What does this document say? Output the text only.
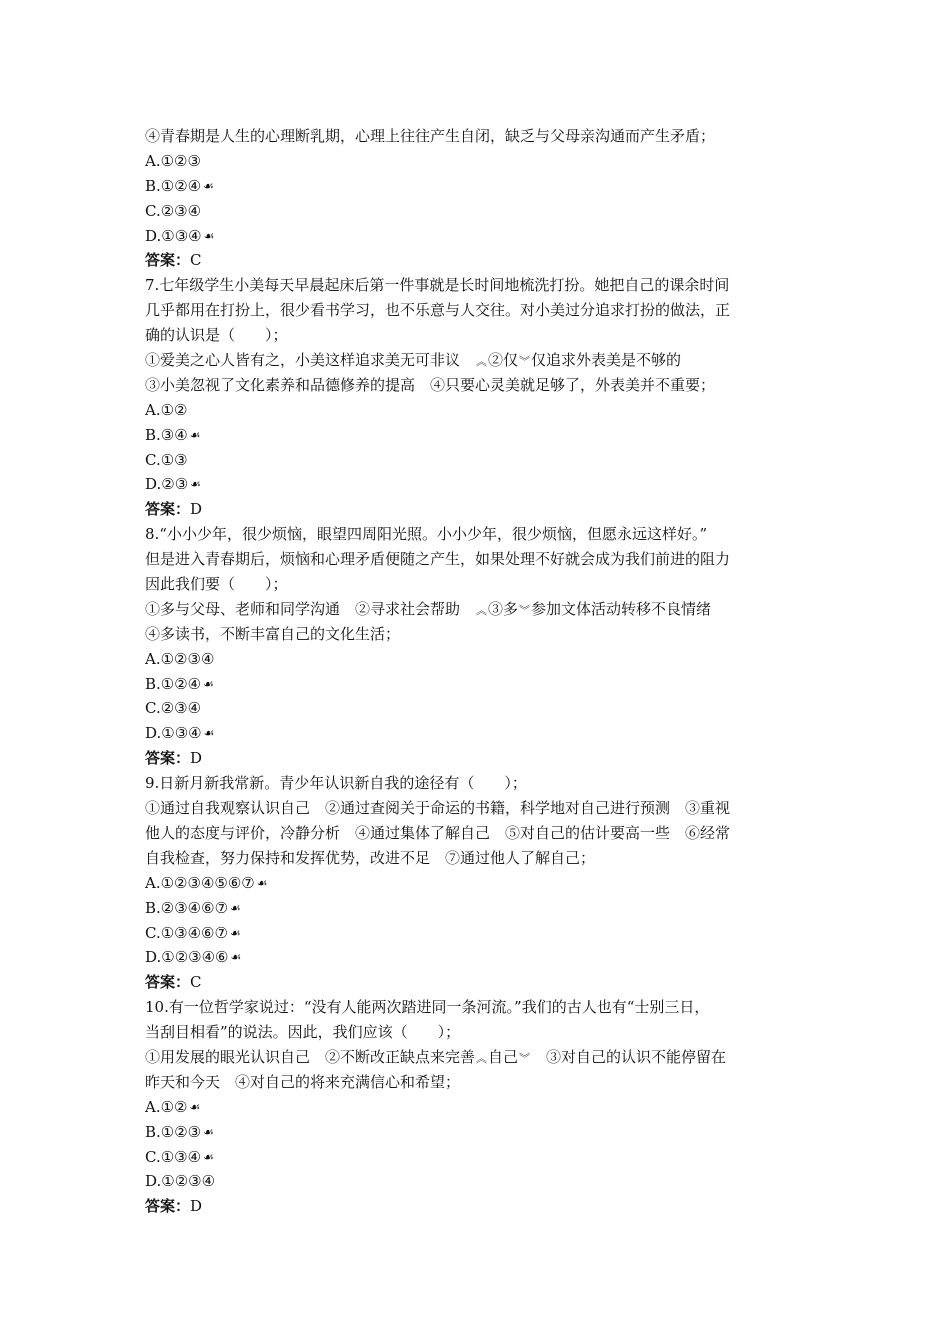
④青春期是人生的心理断乳期，心理上往往产生自闭，缺乏与父母亲沟通而产生矛盾；
A.①②③
B.①②④ ☙
C.②③④
D.①③④ ☙
答案：C
7.七年级学生小美每天早晨起床后第一件事就是长时间地梳洗打扮。她把自己的课余时间
几乎都用在打扮上，很少看书学习，也不乐意与人交往。对小美过分追求打扮的做法，正
确的认识是（　　）；
①爱美之心人皆有之，小美这样追求美无可非议　︽②仅︾仅追求外表美是不够的
③小美忽视了文化素养和品德修养的提高　④只要心灵美就足够了，外表美并不重要；
A.①②
B.③④ ☙
C.①③
D.②③ ☙
答案：D
8.“小小少年，很少烦恼，眼望四周阳光照。小小少年，很少烦恼，但愿永远这样好。”
但是进入青春期后，烦恼和心理矛盾便随之产生，如果处理不好就会成为我们前进的阻力
因此我们要（　　）；
①多与父母、老师和同学沟通　②寻求社会帮助　︽③多︾参加文体活动转移不良情绪
④多读书，不断丰富自己的文化生活；
A.①②③④
B.①②④ ☙
C.②③④
D.①③④ ☙
答案：D
9.日新月新我常新。青少年认识新自我的途径有（　　）；
①通过自我观察认识自己　②通过查阅关于命运的书籍，科学地对自己进行预测　③重视
他人的态度与评价，冷静分析　④通过集体了解自己　⑤对自己的估计要高一些　⑥经常
自我检查，努力保持和发挥优势，改进不足　⑦通过他人了解自己；
A.①②③④⑤⑥⑦ ☙
B.②③④⑥⑦ ☙
C.①③④⑥⑦ ☙
D.①②③④⑥ ☙
答案：C
10.有一位哲学家说过：“没有人能两次踏进同一条河流。”我们的古人也有“士别三日，
当刮目相看”的说法。因此，我们应该（　　）；
①用发展的眼光认识自己　②不断改正缺点来完善︽自己︾　③对自己的认识不能停留在
昨天和今天　④对自己的将来充满信心和希望；
A.①② ☙
B.①②③ ☙
C.①③④ ☙
D.①②③④
答案：D
